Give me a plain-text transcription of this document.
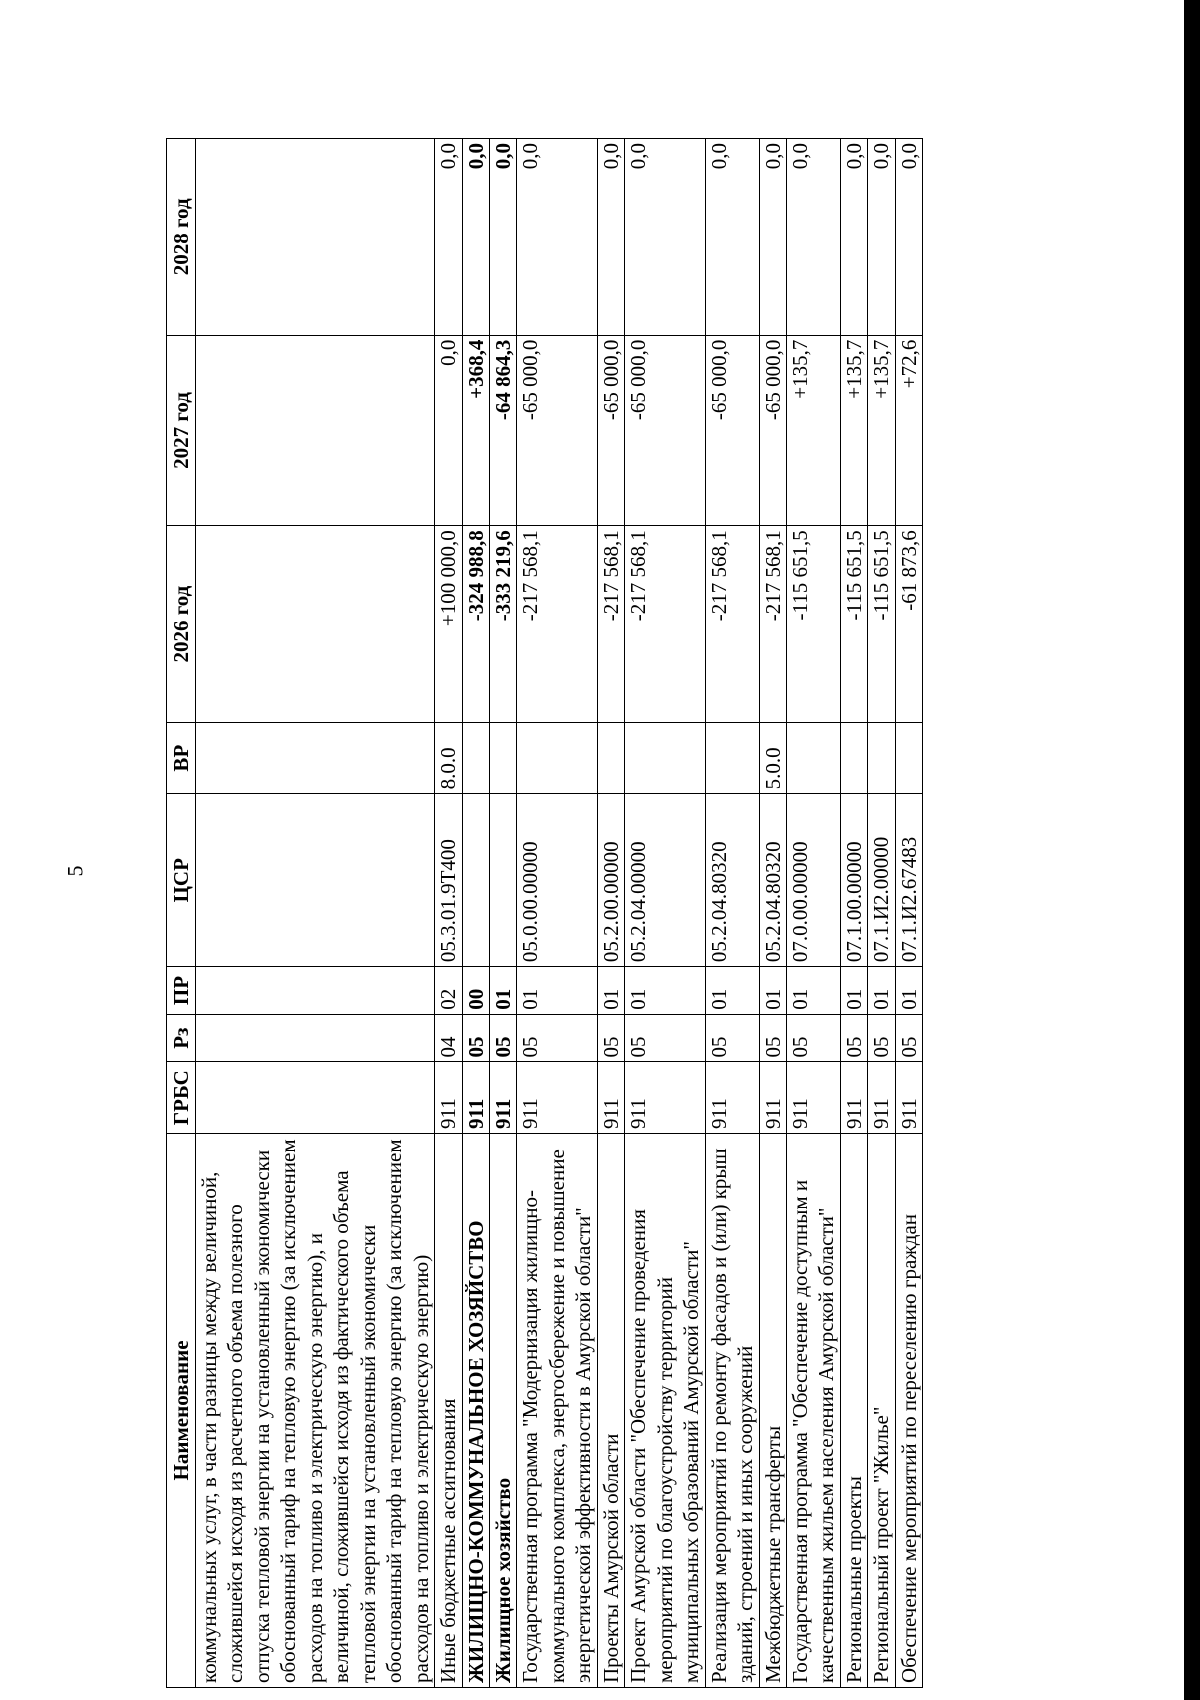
5
Наименование	ГРБС	Рз	ПР	ЦСР	ВР	2026 год	2027 год	2028 год
коммунальных услуг, в части разницы между величиной, сложившейся исходя из расчетного объема полезного отпуска тепловой энергии на установленный экономически обоснованный тариф на тепловую энергию (за исключением расходов на топливо и электрическую энергию), и величиной, сложившейся исходя из фактического объема тепловой энергии на установленный экономически обоснованный тариф на тепловую энергию (за исключением расходов на топливо и электрическую энергию)								
Иные бюджетные ассигнования	911	04	02	05.3.01.9Т400	8.0.0	+100 000,0	0,0	0,0
ЖИЛИЩНО-КОММУНАЛЬНОЕ ХОЗЯЙСТВО	911	05	00			-324 988,8	+368,4	0,0
Жилищное хозяйство	911	05	01			-333 219,6	-64 864,3	0,0
Государственная программа "Модернизация жилищно-коммунального комплекса, энергосбережение и повышение энергетической эффективности в Амурской области"	911	05	01	05.0.00.00000		-217 568,1	-65 000,0	0,0
Проекты Амурской области	911	05	01	05.2.00.00000		-217 568,1	-65 000,0	0,0
Проект Амурской области "Обеспечение проведения мероприятий по благоустройству территорий муниципальных образований Амурской области"	911	05	01	05.2.04.00000		-217 568,1	-65 000,0	0,0
Реализация мероприятий по ремонту фасадов и (или) крыш зданий, строений и иных сооружений	911	05	01	05.2.04.80320		-217 568,1	-65 000,0	0,0
Межбюджетные трансферты	911	05	01	05.2.04.80320	5.0.0	-217 568,1	-65 000,0	0,0
Государственная программа "Обеспечение доступным и качественным жильем населения Амурской области"	911	05	01	07.0.00.00000		-115 651,5	+135,7	0,0
Региональные проекты	911	05	01	07.1.00.00000		-115 651,5	+135,7	0,0
Региональный проект "Жилье"	911	05	01	07.1.И2.00000		-115 651,5	+135,7	0,0
Обеспечение мероприятий по переселению граждан	911	05	01	07.1.И2.67483		-61 873,6	+72,6	0,0
